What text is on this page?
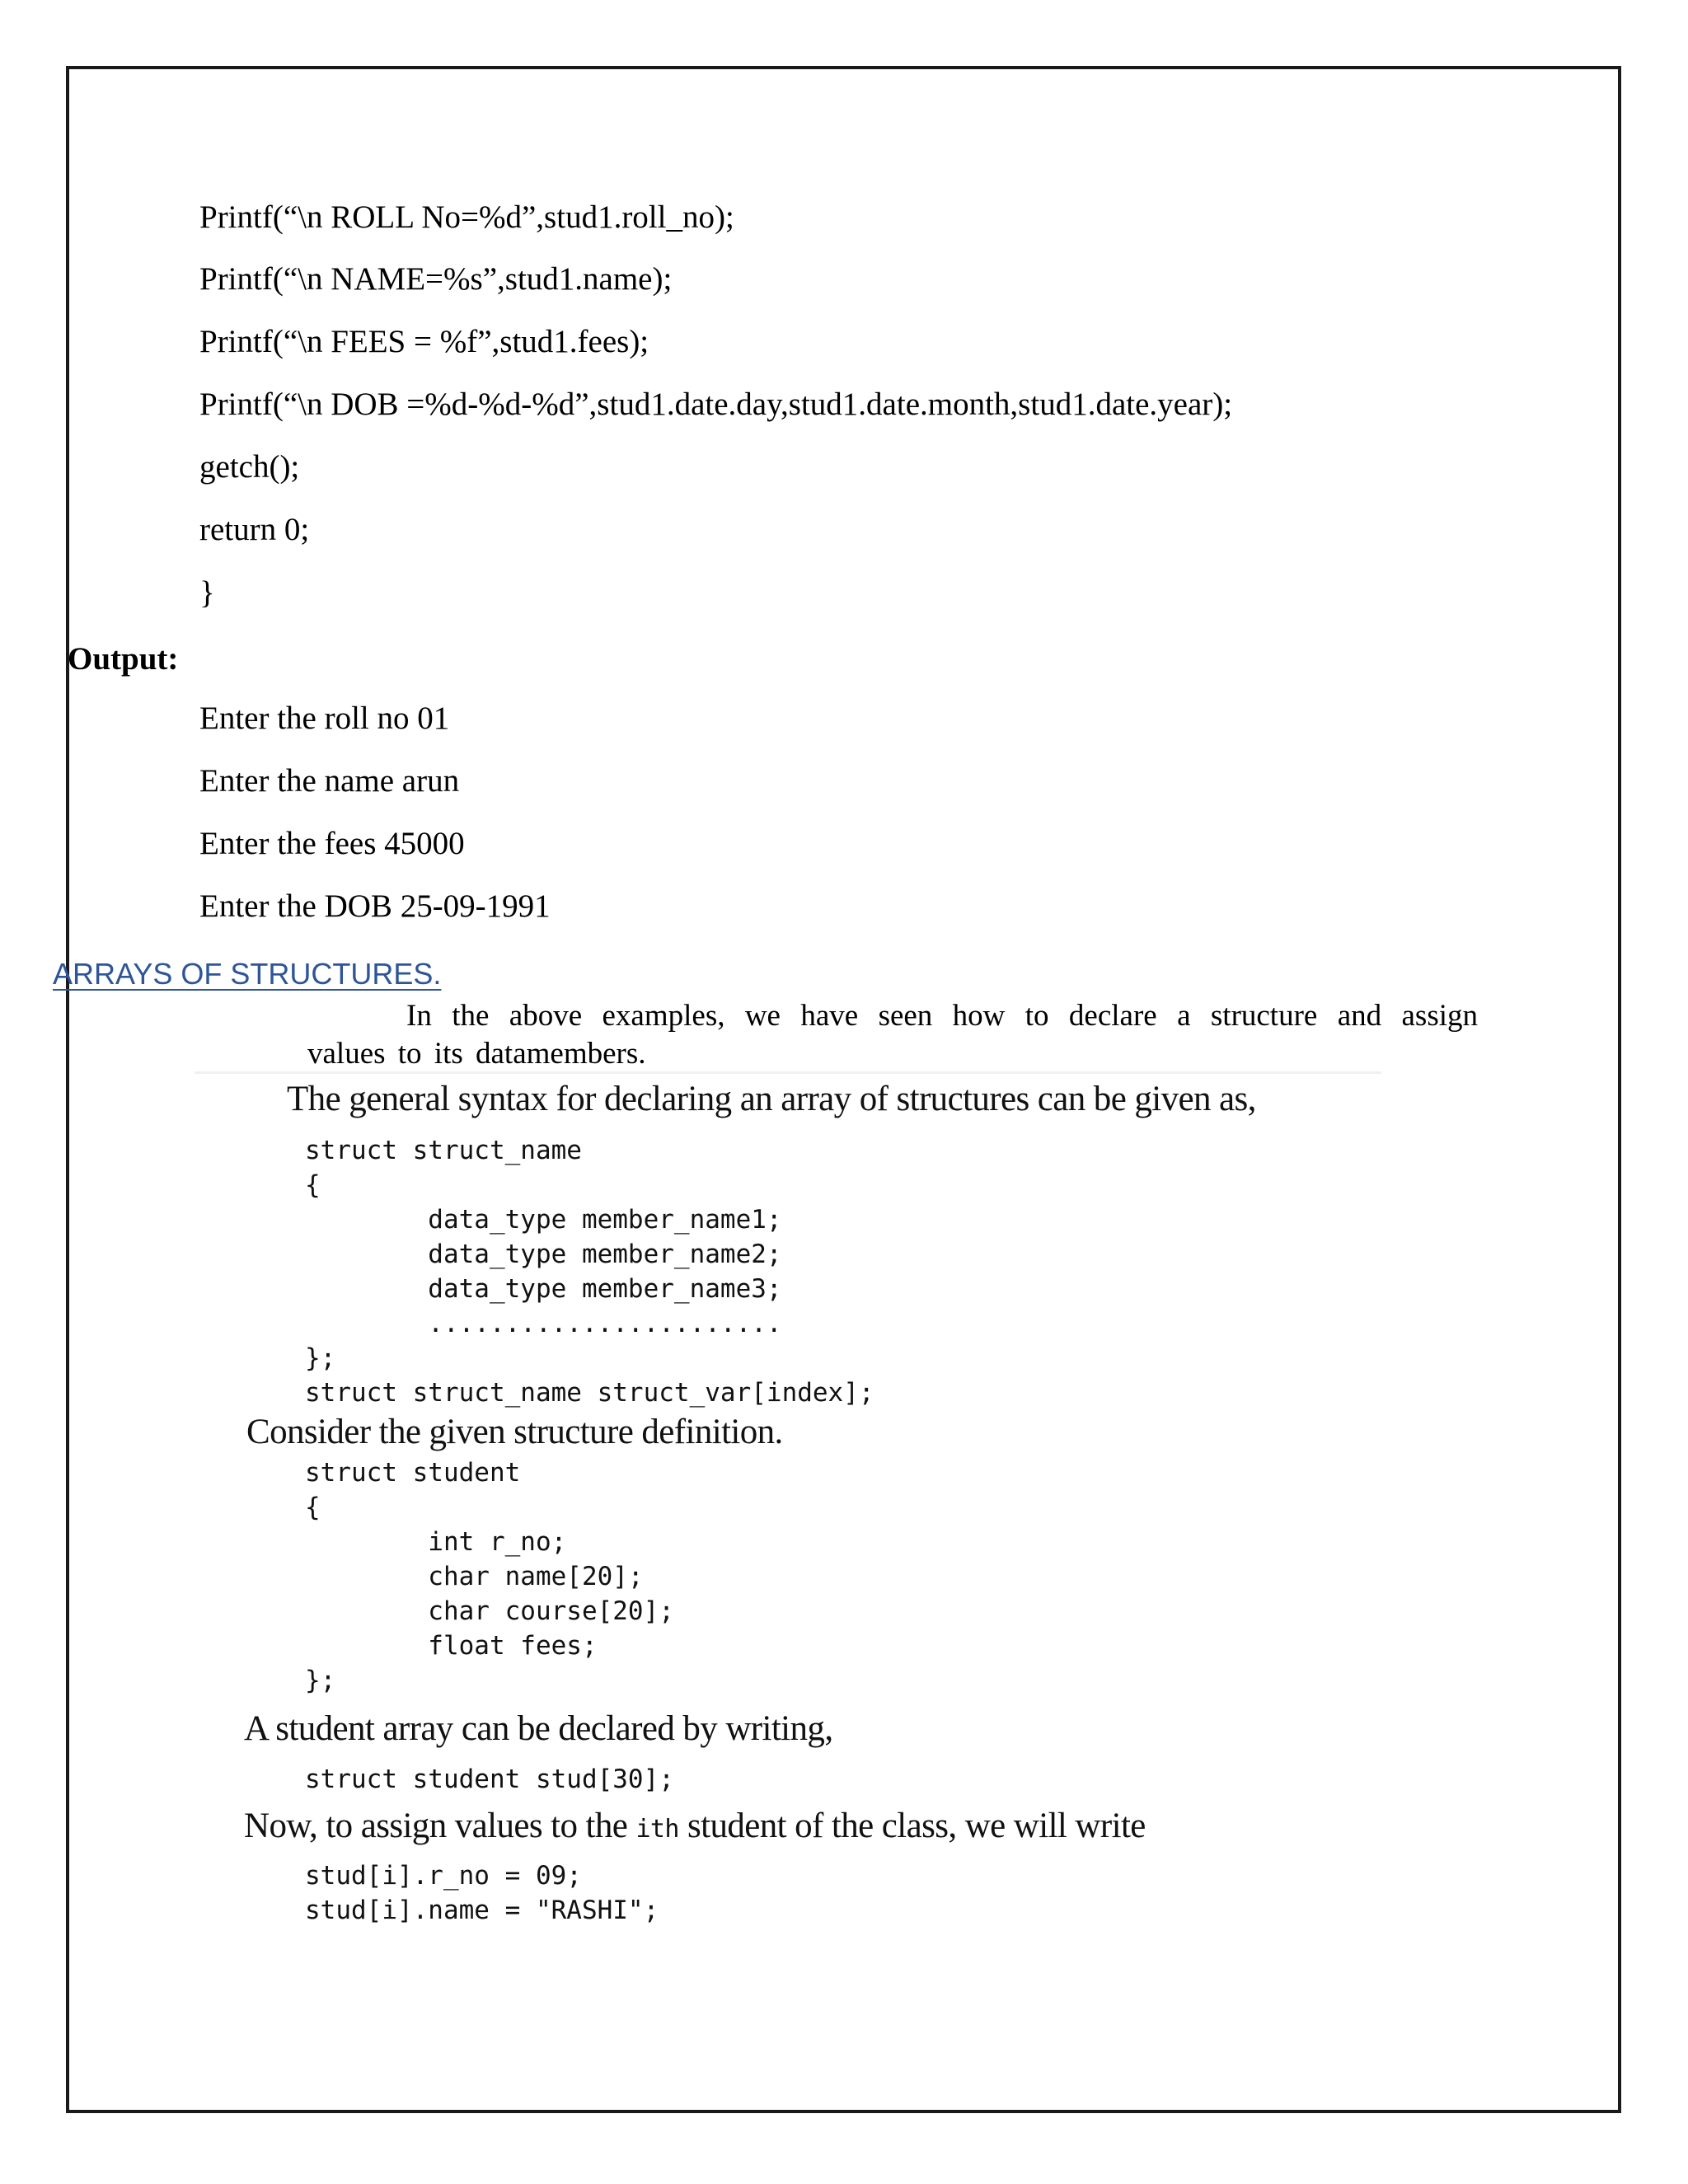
Printf(“\n ROLL No=%d”,stud1.roll_no);
Printf(“\n NAME=%s”,stud1.name);
Printf(“\n FEES = %f”,stud1.fees);
Printf(“\n DOB =%d-%d-%d”,stud1.date.day,stud1.date.month,stud1.date.year);
getch();
return 0;
}
Output:
Enter the roll no 01
Enter the name arun
Enter the fees 45000
Enter the DOB 25-09-1991
ARRAYS OF STRUCTURES.
In the above examples, we have seen how to declare a structure and assign
values to its datamembers.
The general syntax for declaring an array of structures can be given as,
struct struct_name
{
data_type member_name1;
data_type member_name2;
data_type member_name3;
.......................
};
struct struct_name struct_var[index];
Consider the given structure definition.
struct student
{
int r_no;
char name[20];
char course[20];
float fees;
};
A student array can be declared by writing,
struct student stud[30];
Now, to assign values to the ith student of the class, we will write
stud[i].r_no = 09;
stud[i].name = "RASHI";
